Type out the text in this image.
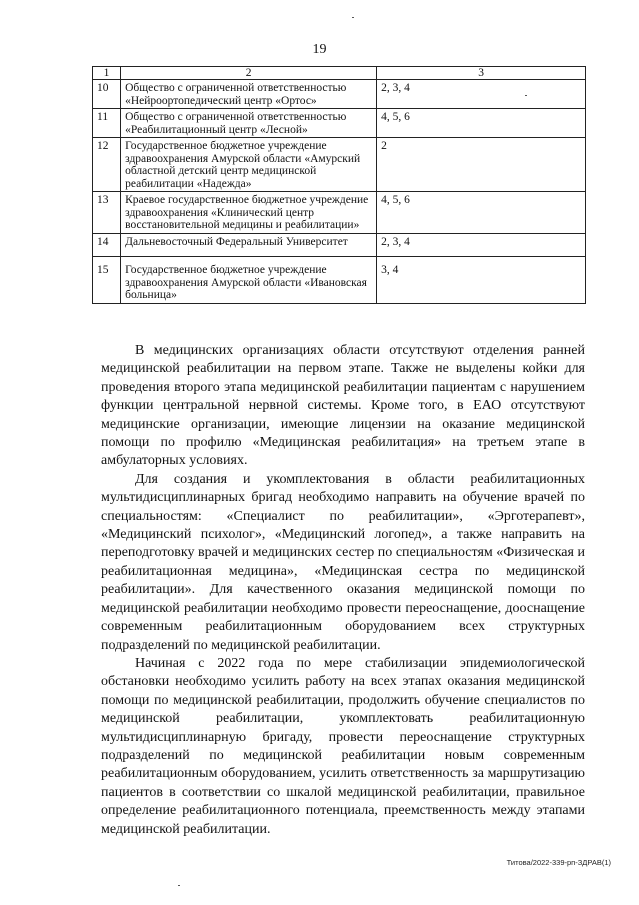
19
1	2	3
10	Общество с ограниченной ответственностью «Нейроортопедический центр «Ортос»	2, 3, 4
11	Общество с ограниченной ответственностью «Реабилитационный центр «Лесной»	4, 5, 6
12	Государственное бюджетное учреждение здравоохранения Амурской области «Амурский областной детский центр медицинской реабилитации «Надежда»	2
13	Краевое государственное бюджетное учреждение здравоохранения «Клинический центр восстановительной медицины и реабилитации»	4, 5, 6
14	Дальневосточный Федеральный Университет	2, 3, 4
15	Государственное бюджетное учреждение здравоохранения Амурской области «Ивановская больница»	3, 4

В медицинских организациях области отсутствуют отделения ранней медицинской реабилитации на первом этапе. Также не выделены койки для проведения второго этапа медицинской реабилитации пациентам с нарушением функции центральной нервной системы. Кроме того, в ЕАО отсутствуют медицинские организации, имеющие лицензии на оказание медицинской помощи по профилю «Медицинская реабилитация» на третьем этапе в амбулаторных условиях.

Для создания и укомплектования в области реабилитационных мультидисциплинарных бригад необходимо направить на обучение врачей по специальностям: «Специалист по реабилитации», «Эрготерапевт», «Медицинский психолог», «Медицинский логопед», а также направить на переподготовку врачей и медицинских сестер по специальностям «Физическая и реабилитационная медицина», «Медицинская сестра по медицинской реабилитации». Для качественного оказания медицинской помощи по медицинской реабилитации необходимо провести переоснащение, дооснащение современным реабилитационным оборудованием всех структурных подразделений по медицинской реабилитации.

Начиная с 2022 года по мере стабилизации эпидемиологической обстановки необходимо усилить работу на всех этапах оказания медицинской помощи по медицинской реабилитации, продолжить обучение специалистов по медицинской реабилитации, укомплектовать реабилитационную мультидисциплинарную бригаду, провести переоснащение структурных подразделений по медицинской реабилитации новым современным реабилитационным оборудованием, усилить ответственность за маршрутизацию пациентов в соответствии со шкалой медицинской реабилитации, правильное определение реабилитационного потенциала, преемственность между этапами медицинской реабилитации.

Титова/2022-339-рп-ЗДРАВ(1)
